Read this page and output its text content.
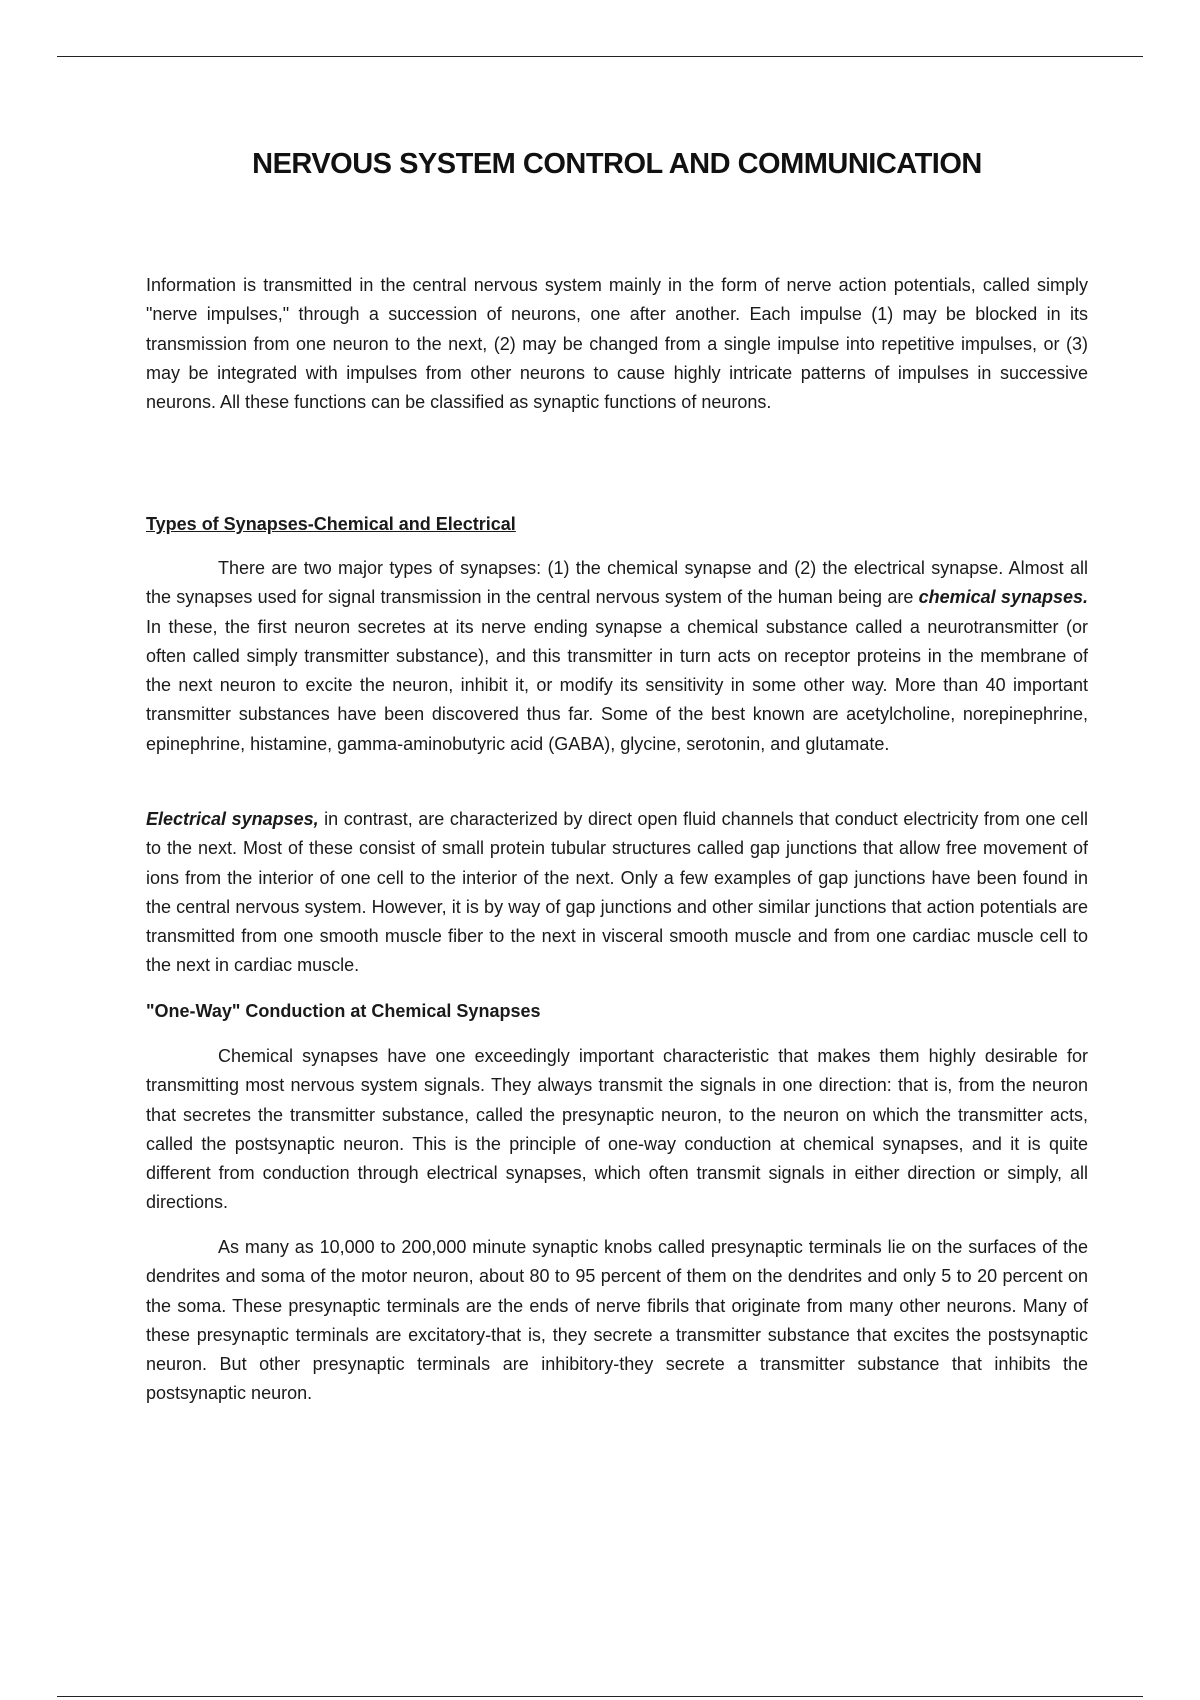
NERVOUS SYSTEM CONTROL AND COMMUNICATION

Information is transmitted in the central nervous system mainly in the form of nerve action potentials, called simply "nerve impulses," through a succession of neurons, one after another. Each impulse (1) may be blocked in its transmission from one neuron to the next, (2) may be changed from a single impulse into repetitive impulses, or (3) may be integrated with impulses from other neurons to cause highly intricate patterns of impulses in successive neurons. All these functions can be classified as synaptic functions of neurons.

Types of Synapses-Chemical and Electrical

There are two major types of synapses: (1) the chemical synapse and (2) the electrical synapse. Almost all the synapses used for signal transmission in the central nervous system of the human being are chemical synapses. In these, the first neuron secretes at its nerve ending synapse a chemical substance called a neurotransmitter (or often called simply transmitter substance), and this transmitter in turn acts on receptor proteins in the membrane of the next neuron to excite the neuron, inhibit it, or modify its sensitivity in some other way. More than 40 important transmitter substances have been discovered thus far. Some of the best known are acetylcholine, norepinephrine, epinephrine, histamine, gamma-aminobutyric acid (GABA), glycine, serotonin, and glutamate.

Electrical synapses, in contrast, are characterized by direct open fluid channels that conduct electricity from one cell to the next. Most of these consist of small protein tubular structures called gap junctions that allow free movement of ions from the interior of one cell to the interior of the next. Only a few examples of gap junctions have been found in the central nervous system. However, it is by way of gap junctions and other similar junctions that action potentials are transmitted from one smooth muscle fiber to the next in visceral smooth muscle and from one cardiac muscle cell to the next in cardiac muscle.

"One-Way" Conduction at Chemical Synapses

Chemical synapses have one exceedingly important characteristic that makes them highly desirable for transmitting most nervous system signals. They always transmit the signals in one direction: that is, from the neuron that secretes the transmitter substance, called the presynaptic neuron, to the neuron on which the transmitter acts, called the postsynaptic neuron. This is the principle of one-way conduction at chemical synapses, and it is quite different from conduction through electrical synapses, which often transmit signals in either direction or simply, all directions.

As many as 10,000 to 200,000 minute synaptic knobs called presynaptic terminals lie on the surfaces of the dendrites and soma of the motor neuron, about 80 to 95 percent of them on the dendrites and only 5 to 20 percent on the soma. These presynaptic terminals are the ends of nerve fibrils that originate from many other neurons. Many of these presynaptic terminals are excitatory-that is, they secrete a transmitter substance that excites the postsynaptic neuron. But other presynaptic terminals are inhibitory-they secrete a transmitter substance that inhibits the postsynaptic neuron.
